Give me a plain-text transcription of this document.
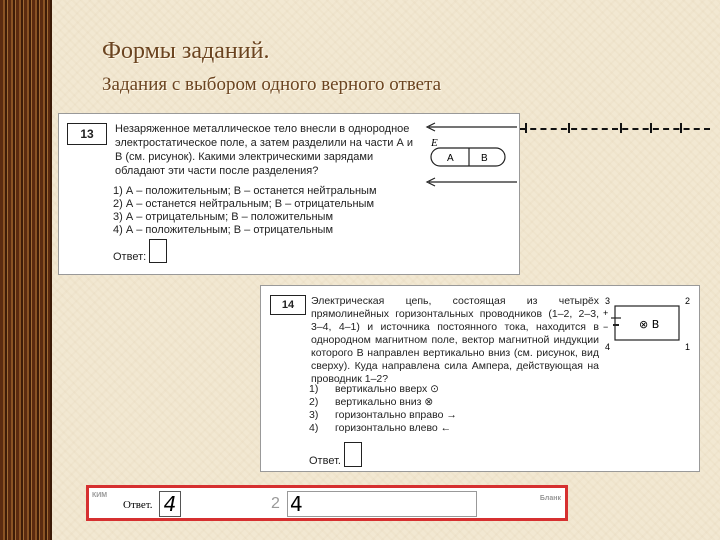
Формы заданий.
Задания с выбором одного верного ответа
13	Незаряженное металлическое тело внесли в однородное электростатическое поле, а затем разделили на части А и В (см. рисунок). Какими электрическими зарядами обладают эти части после разделения?
E
A	B
1) А – положительным; В – останется нейтральным
2) А – останется нейтральным; В – отрицательным
3) А – отрицательным; В – положительным
4) А – положительным; В – отрицательным
Ответ:
14	Электрическая цепь, состоящая из четырёх прямолинейных горизонтальных проводников (1–2, 2–3, 3–4, 4–1) и источника постоянного тока, находится в однородном магнитном поле, вектор магнитной индукции которого B направлен вертикально вниз (см. рисунок, вид сверху). Куда направлена сила Ампера, действующая на проводник 1–2?
3	2
4	1
+
−	⊗ B
1) вертикально вверх ⊙
2) вертикально вниз ⊗
3) горизонтально вправо →
4) горизонтально влево ←
Ответ.
КИМ
Ответ. 4	2 4	Бланк
